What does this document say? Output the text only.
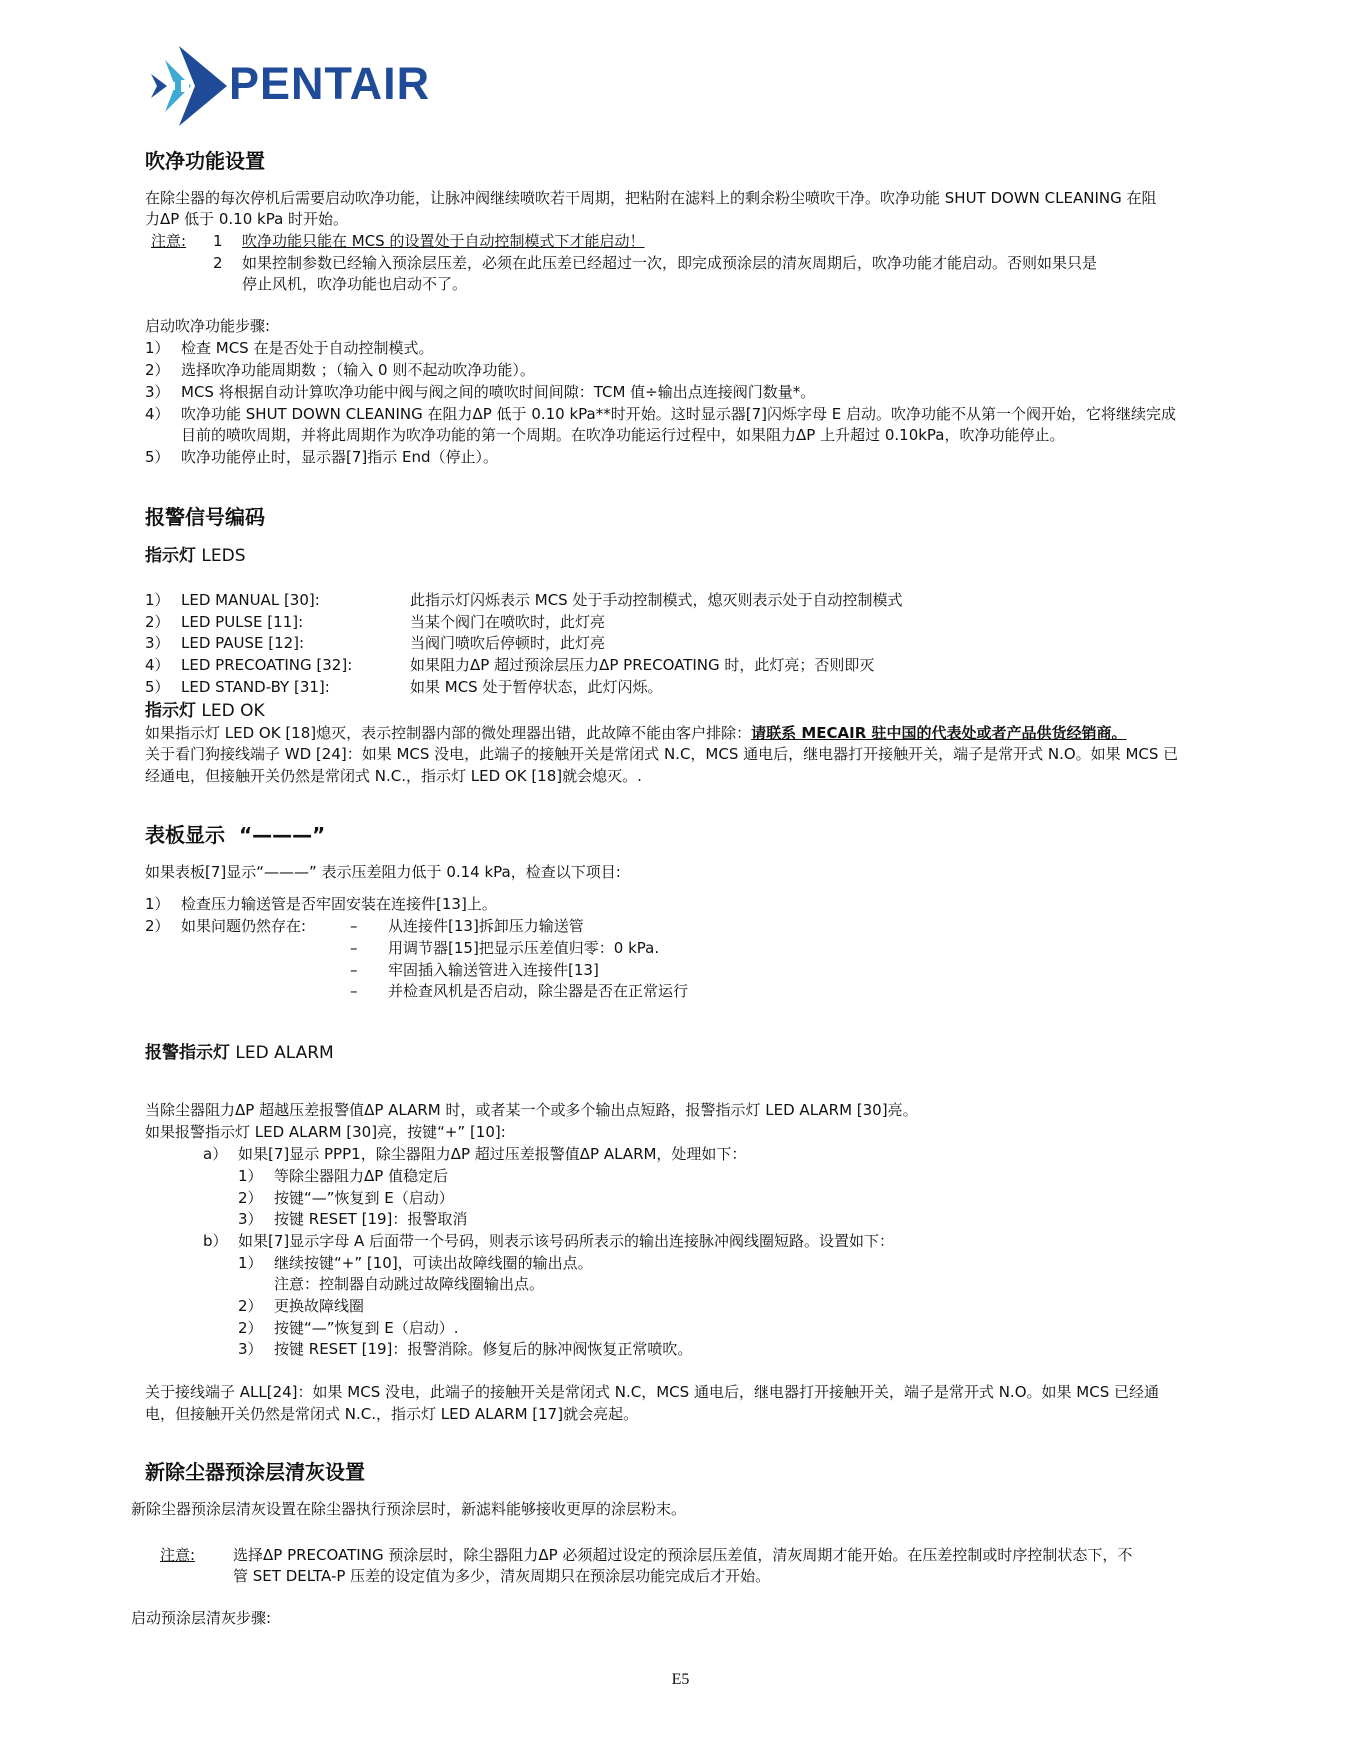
PENTAIR
吹净功能设置
在除尘器的每次停机后需要启动吹净功能，让脉冲阀继续喷吹若干周期，把粘附在滤料上的剩余粉尘喷吹干净。吹净功能 SHUT DOWN CLEANING 在阻
力ΔP 低于 0.10 kPa 时开始。
注意: 1 吹净功能只能在 MCS 的设置处于自动控制模式下才能启动！
2 如果控制参数已经输入预涂层压差，必须在此压差已经超过一次，即完成预涂层的清灰周期后，吹净功能才能启动。否则如果只是
停止风机，吹净功能也启动不了。
启动吹净功能步骤:
1） 检查 MCS 在是否处于自动控制模式。
2） 选择吹净功能周期数 ；（输入 0 则不起动吹净功能）。
3） MCS 将根据自动计算吹净功能中阀与阀之间的喷吹时间间隙：TCM 值÷输出点连接阀门数量*。
4） 吹净功能 SHUT DOWN CLEANING 在阻力ΔP 低于 0.10 kPa**时开始。这时显示器[7]闪烁字母 E 启动。吹净功能不从第一个阀开始，它将继续完成
目前的喷吹周期，并将此周期作为吹净功能的第一个周期。在吹净功能运行过程中，如果阻力ΔP 上升超过 0.10kPa，吹净功能停止。
5） 吹净功能停止时，显示器[7]指示 End（停止）。
报警信号编码
指示灯 LEDS
1） LED MANUAL [30]:	此指示灯闪烁表示 MCS 处于手动控制模式，熄灭则表示处于自动控制模式
2） LED PULSE [11]:	当某个阀门在喷吹时，此灯亮
3） LED PAUSE [12]:	当阀门喷吹后停顿时，此灯亮
4） LED PRECOATING [32]:	如果阻力ΔP 超过预涂层压力ΔP PRECOATING 时，此灯亮；否则即灭
5） LED STAND-BY [31]:	如果 MCS 处于暂停状态，此灯闪烁。
指示灯 LED OK
如果指示灯 LED OK [18]熄灭，表示控制器内部的微处理器出错，此故障不能由客户排除：请联系 MECAIR 驻中国的代表处或者产品供货经销商。
关于看门狗接线端子 WD [24]：如果 MCS 没电，此端子的接触开关是常闭式 N.C，MCS 通电后，继电器打开接触开关，端子是常开式 N.O。如果 MCS 已
经通电，但接触开关仍然是常闭式 N.C.，指示灯 LED OK [18]就会熄灭。.
表板显示 “———”
如果表板[7]显示“———” 表示压差阻力低于 0.14 kPa，检查以下项目:
1） 检查压力输送管是否牢固安装在连接件[13]上。
2） 如果问题仍然存在:	– 从连接件[13]拆卸压力输送管
– 用调节器[15]把显示压差值归零：0 kPa.
– 牢固插入输送管进入连接件[13]
– 并检查风机是否启动，除尘器是否在正常运行
报警指示灯 LED ALARM
当除尘器阻力ΔP 超越压差报警值ΔP ALARM 时，或者某一个或多个输出点短路，报警指示灯 LED ALARM [30]亮。
如果报警指示灯 LED ALARM [30]亮，按键“+” [10]:
a） 如果[7]显示 PPP1，除尘器阻力ΔP 超过压差报警值ΔP ALARM，处理如下：
1） 等除尘器阻力ΔP 值稳定后
2） 按键“—”恢复到 E（启动）
3） 按键 RESET [19]：报警取消
b） 如果[7]显示字母 A 后面带一个号码，则表示该号码所表示的输出连接脉冲阀线圈短路。设置如下：
1） 继续按键“+” [10]，可读出故障线圈的输出点。
注意：控制器自动跳过故障线圈输出点。
2） 更换故障线圈
2） 按键“—”恢复到 E（启动）.
3） 按键 RESET [19]：报警消除。修复后的脉冲阀恢复正常喷吹。
关于接线端子 ALL[24]：如果 MCS 没电，此端子的接触开关是常闭式 N.C，MCS 通电后，继电器打开接触开关，端子是常开式 N.O。如果 MCS 已经通
电，但接触开关仍然是常闭式 N.C.，指示灯 LED ALARM [17]就会亮起。
新除尘器预涂层清灰设置
新除尘器预涂层清灰设置在除尘器执行预涂层时，新滤料能够接收更厚的涂层粉末。
注意:	选择ΔP PRECOATING 预涂层时，除尘器阻力ΔP 必须超过设定的预涂层压差值，清灰周期才能开始。在压差控制或时序控制状态下，不
管 SET DELTA-P 压差的设定值为多少，清灰周期只在预涂层功能完成后才开始。
启动预涂层清灰步骤:
E5
